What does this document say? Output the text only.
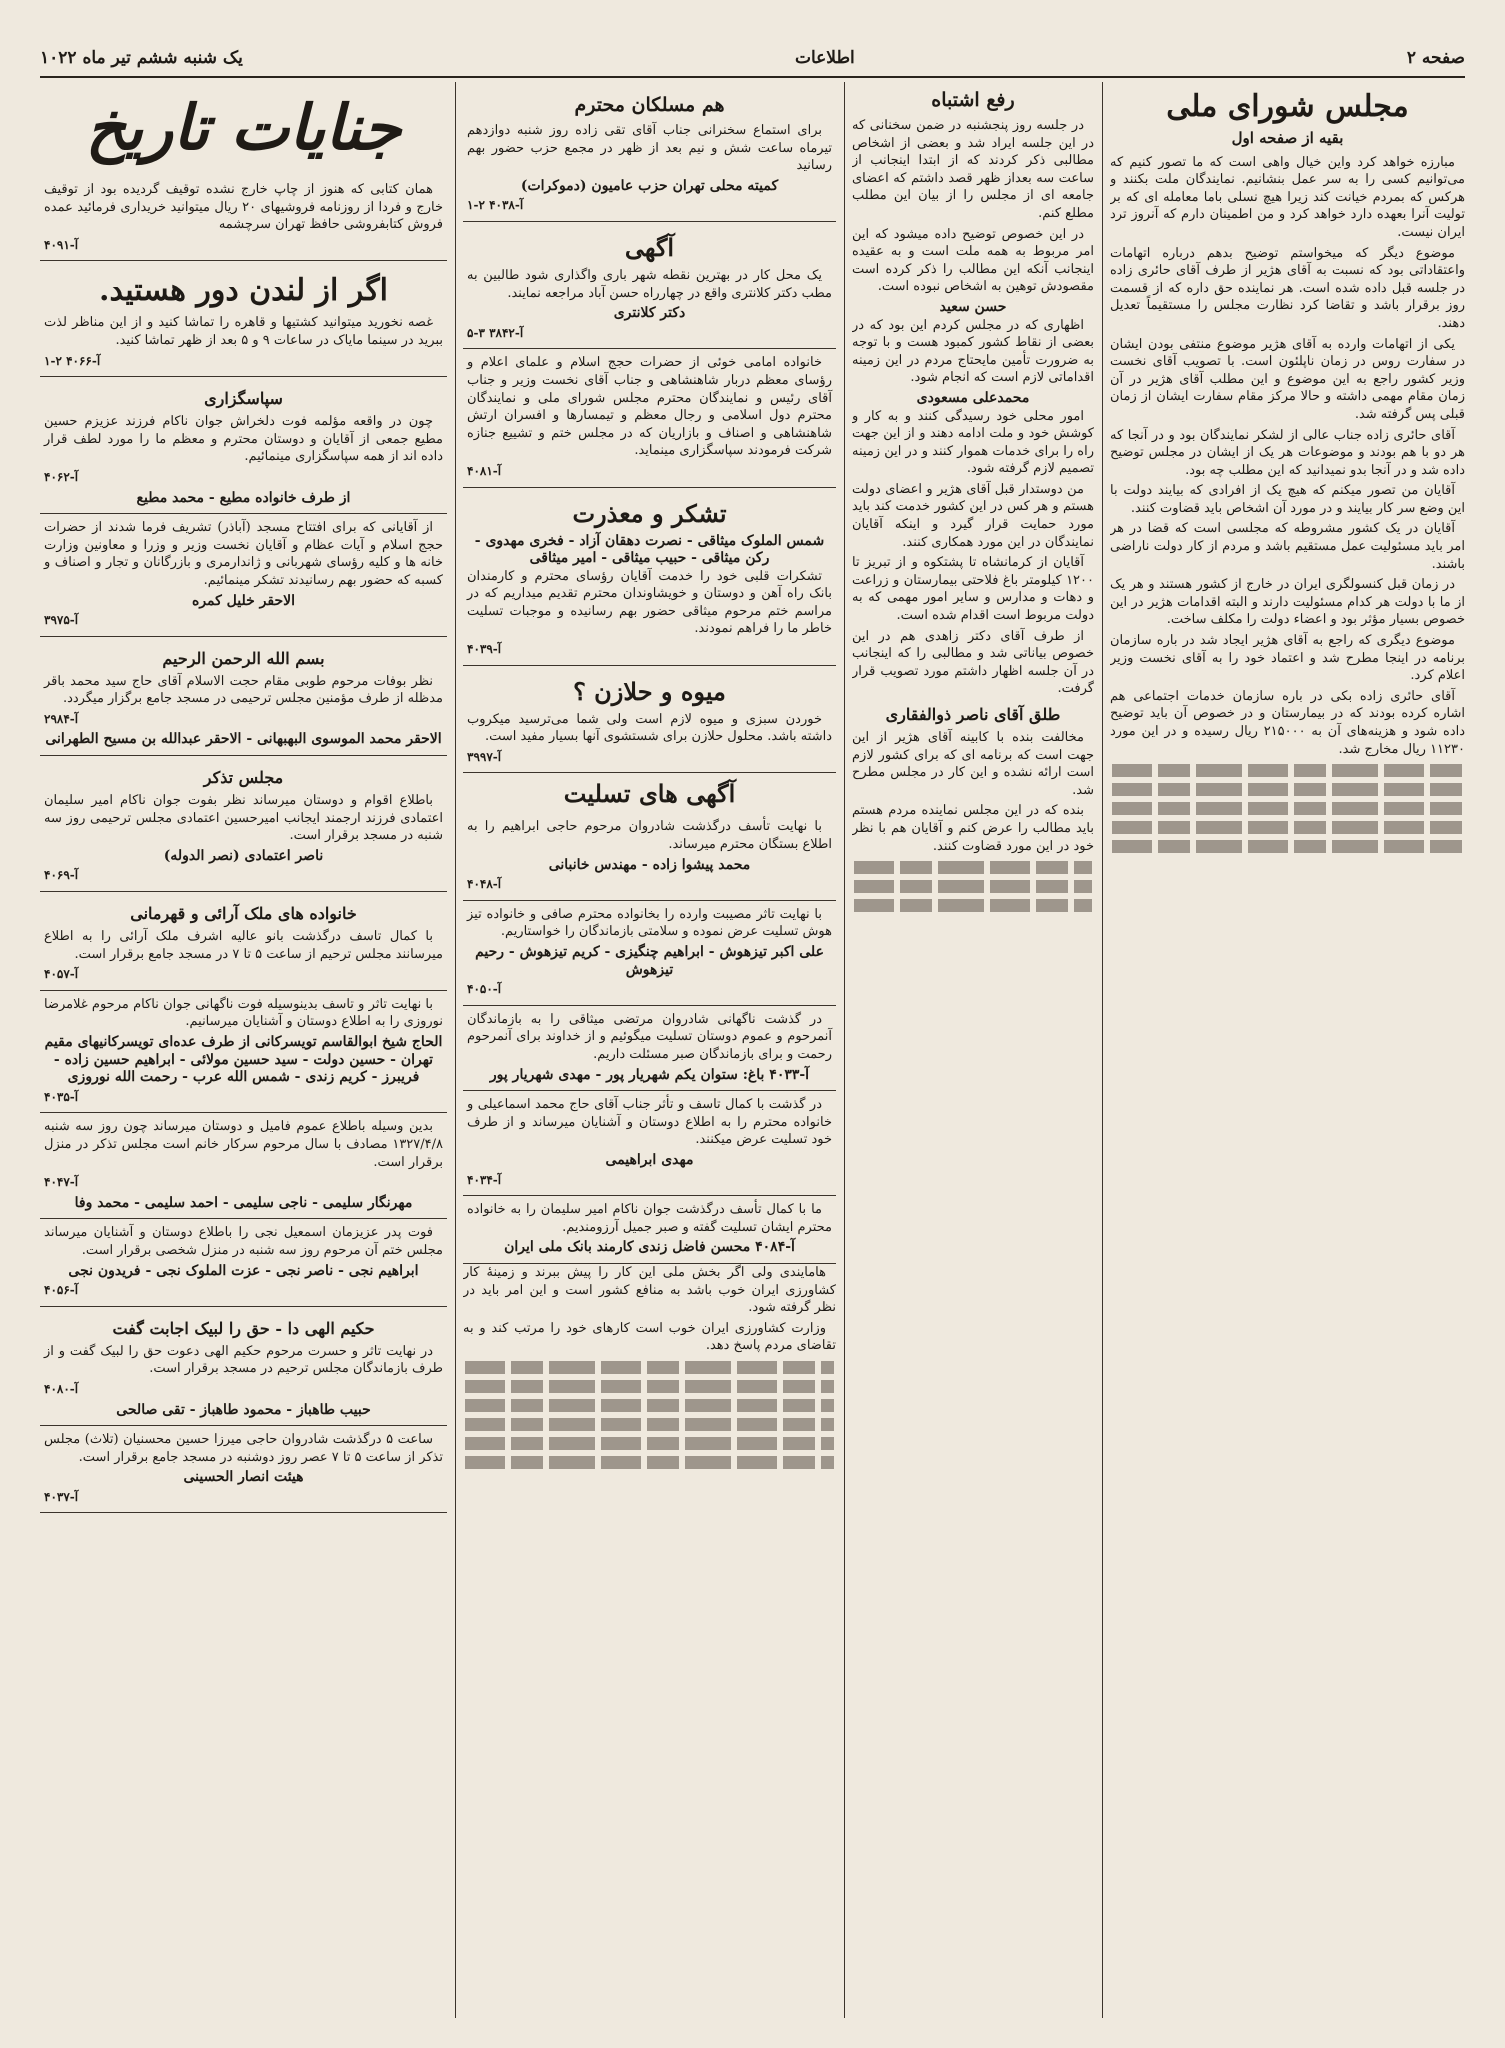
یک شنبه ششم تیر ماه ۱۰۲۲	اطلاعات	صفحه ۲
مجلس شورای ملی
بقیه از صفحه اول

مبارزه خواهد کرد واین خیال واهی است که ما تصور کنیم که می‌توانیم کسی را به ‌سر عمل بنشانیم. نمایندگان ملت بکنند و هرکس که بمردم خیانت کند زیرا هیچ‌ نسلی باما معامله ای که بر تولیت آنرا بعهده دارد خواهد کرد و من اطمینان دارم که آنروز ترد ایران نیست.

موضوع دیگر که میخواستم توضیح بدهم درباره اتهامات واعتقاداتی بود که نسبت به آقای هژیر از طرف آقای حائری زاده در جلسه قبل داده شده است. هر نماینده حق داره که از قسمت روز برقرار باشد و تقاضا کرد نظارت مجلس را مستقیماً تعدیل دهند.

یکی از اتهامات وارده به آقای هژیر موضوع منتفی بودن ایشان در سفارت روس در زمان ناپلئون است. با تصویب آقای نخست وزیر کشور راجع به این موضوع و این مطلب آقای هژیر در آن زمان مقام مهمی داشته و حالا مرکز مقام سفارت ایشان از زمان قبلی پس گرفته شد.

آقای حائری زاده جناب عالی از لشکر نمایندگان بود و در آنجا که هر دو با هم بودند و موضوعات هر یک از ایشان در مجلس توضیح داده شد و در آنجا بدو نمیدانید که این مطلب چه بود.

آقایان من تصور میکنم که هیچ یک از افرادی که بیایند دولت با این وضع سر کار بیایند و در مورد آن اشخاص باید قضاوت کنند.

آقایان در یک کشور مشروطه که مجلسی است که قضا در هر امر باید مسئولیت عمل مستقیم باشد و مردم از کار دولت ناراضی باشند.

در زمان قبل کنسولگری ایران در خارج از کشور هستند و هر یک از ما با دولت هر کدام مسئولیت دارند و البته اقدامات هژیر در این خصوص بسیار مؤثر بود و اعضاء دولت را مکلف ساخت.

موضوع دیگری که راجع به آقای هژیر ایجاد شد در باره سازمان برنامه در اینجا مطرح شد و اعتماد خود را به آقای نخست وزیر اعلام کرد.

آقای حائری زاده بکی در باره سازمان خدمات اجتماعی هم اشاره کرده بودند که در بیمارستان و در خصوص آن باید توضیح داده شود و هزینه‌های آن به ۲۱۵۰۰۰ ریال رسیده و در این مورد ۱۱۲۳۰ ریال مخارج شد.

رفع اشتباه

در جلسه روز پنجشنبه در ضمن سخنانی که در این جلسه ایراد شد و بعضی از اشخاص مطالبی ذکر کردند که از ابتدا اینجانب از ساعت سه بعداز ظهر قصد داشتم که اعضای جامعه ای از مجلس را از بیان این مطلب مطلع کنم.

در این خصوص توضیح داده میشود که این امر مربوط به همه ملت است و به عقیده اینجانب آنکه این مطالب را ذکر کرده است مقصودش توهین به اشخاص نبوده است.

حسن سعید

اظهاری که در مجلس کردم این بود که در بعضی از نقاط کشور کمبود هست و با توجه به ضرورت تأمین مایحتاج مردم در این زمینه اقداماتی لازم است که انجام شود.

محمدعلی مسعودی

امور محلی خود رسیدگی کنند و به کار و کوشش خود و ملت ادامه دهند و از این جهت راه را برای خدمات هموار کنند و در این زمینه تصمیم لازم گرفته شود.

من دوستدار قبل آقای هژیر و اعضای دولت هستم و هر کس در این کشور خدمت کند باید مورد حمایت قرار گیرد و اینکه آقایان نمایندگان در این مورد همکاری کنند.

آقایان از کرمانشاه تا پشتکوه و از تبریز تا ۱۲۰۰ کیلومتر باغ فلاحتی بیمارستان و زراعت و دهات و مدارس و سایر امور مهمی که به دولت مربوط است اقدام شده است.

از طرف آقای دکتر زاهدی هم در این خصوص بیاناتی شد و مطالبی را که اینجانب در آن جلسه اظهار داشتم مورد تصویب قرار گرفت.

طلق آقای ناصر ذوالفقاری

مخالفت بنده با کابینه آقای هژیر از این جهت است که برنامه ای که برای کشور لازم است ارائه نشده و این کار در مجلس مطرح شد.

بنده که در این مجلس نماینده مردم هستم باید مطالب را عرض کنم و آقایان هم با نظر خود در این مورد قضاوت کنند.

هم مسلکان محترم

برای استماع سخنرانی جناب آقای تقی زاده روز شنبه دوازدهم تیرماه ساعت شش و نیم بعد از ظهر در مجمع حزب حضور بهم رسانید

کمیته محلی تهران حزب عامیون (دموکرات)
آ-۴۰۳۸ ۲-۱
آگهی

یک محل کار در بهترین نقطه شهر باری واگذاری شود طالبین به مطب دکتر کلانتری واقع در چهارراه حسن آباد مراجعه نمایند.

دکتر کلانتری
آ-۳۸۴۲ ۳-۵

خانواده امامی خوئی از حضرات حجج اسلام و علمای اعلام و رؤسای معظم دربار شاهنشاهی و جناب آقای نخست وزیر و جناب آقای رئیس و نمایندگان محترم مجلس شورای ملی و نمایندگان محترم دول اسلامی و رجال معظم و تیمسارها و افسران ارتش شاهنشاهی و اصناف و بازاریان که در مجلس ختم و تشییع جنازه شرکت فرمودند سپاسگزاری مینماید.

آ-۴۰۸۱
تشکر و معذرت
شمس الملوک میثاقی - نصرت دهقان آزاد - فخری مهدوی - رکن میثاقی - حبیب میثاقی - امیر میثاقی

تشکرات قلبی خود را خدمت آقایان رؤسای محترم و کارمندان بانک راه آهن و دوستان و خویشاوندان محترم تقدیم میداریم که در مراسم ختم مرحوم میثاقی حضور بهم رسانیده و موجبات تسلیت خاطر ما را فراهم نمودند.

آ-۴۰۳۹
میوه و حلازن ؟

خوردن سبزی و میوه لازم است ولی شما می‌ترسید میکروب داشته باشد. محلول حلازن برای شستشوی آنها بسیار مفید است.

آ-۳۹۹۷
آگهی های تسلیت

با نهایت تأسف درگذشت شادروان مرحوم حاجی ابراهیم را به اطلاع بستگان محترم میرساند.

محمد پیشوا زاده - مهندس خانبانی
آ-۴۰۴۸

با نهایت تاثر مصیبت وارده را بخانواده محترم صافی و خانواده تیز هوش تسلیت عرض نموده و سلامتی بازماندگان را خواستاریم.

علی اکبر تیزهوش - ابراهیم چنگیزی - کریم تیزهوش - رحیم تیزهوش
آ-۴۰۵۰

در گذشت ناگهانی شادروان مرتضی میثاقی را به بازماندگان آنمرحوم و عموم دوستان تسلیت میگوئیم و از خداوند برای آنمرحوم رحمت و برای بازماندگان صبر مسئلت داریم.

آ-۴۰۳۳ باغ: ستوان یکم شهریار پور - مهدی شهریار پور

در گذشت با کمال تاسف و تأثر جناب آقای حاج محمد اسماعیلی و خانواده محترم را به اطلاع دوستان و آشنایان میرساند و از طرف خود تسلیت عرض میکنند.

مهدی ابراهیمی
آ-۴۰۳۴

ما با کمال تأسف درگذشت جوان ناکام امیر سلیمان را به خانواده محترم ایشان تسلیت گفته و صبر جمیل آرزومندیم.

آ-۴۰۸۴ محسن فاضل زندی کارمند بانک ملی ایران

هامایندی ولی اگر بخش ملی این کار را پیش ببرند و زمینهٔ کار کشاورزی ایران خوب باشد به منافع کشور است و این امر باید در نظر گرفته شود.

وزارت کشاورزی ایران خوب است کارهای خود را مرتب کند و به تقاضای مردم پاسخ دهد.

جنایات تاریخ

همان کتابی که هنوز از چاپ خارج نشده توقیف گردیده بود از توقیف خارج و فردا از روزنامه فروشیهای ۲۰ ریال میتوانید خریداری فرمائید عمده فروش کتابفروشی حافظ تهران سرچشمه

آ-۴۰۹۱
اگر از لندن دور هستید.

غصه نخورید میتوانید کشتیها و قاهره را تماشا کنید و از این مناظر لذت ببرید در سینما مایاک در ساعات ۹ و ۵ بعد از ظهر تماشا کنید.

آ-۴۰۶۶ ۲-۱
سپاسگزاری

چون در واقعه مؤلمه فوت دلخراش جوان ناکام فرزند عزیزم حسین مطیع جمعی از آقایان و دوستان محترم و معظم ما را مورد لطف قرار داده اند از همه سپاسگزاری مینمائیم.

آ-۴۰۶۲
از طرف خانواده مطیع - محمد مطیع

از آقایانی که برای افتتاح مسجد (آباذر) تشریف فرما شدند از حضرات حجج اسلام و آیات عظام و آقایان نخست وزیر و وزرا و معاونین وزارت خانه ها و کلیه رؤسای شهربانی و ژاندارمری و بازرگانان و تجار و اصناف و کسبه که حضور بهم رسانیدند تشکر مینمائیم.

الاحقر خلیل کمره
آ-۳۹۷۵
بسم الله الرحمن الرحیم

نظر بوفات مرحوم طوبی مقام حجت الاسلام آقای حاج سید محمد باقر مدظله از طرف مؤمنین مجلس ترحیمی در مسجد جامع برگزار میگردد.

آ-۲۹۸۴
الاحقر محمد الموسوی البهبهانی - الاحقر عبدالله بن مسیح الطهرانی
مجلس تذکر

باطلاع اقوام و دوستان میرساند نظر بفوت جوان ناکام امیر سلیمان اعتمادی فرزند ارجمند ایجانب امیرحسین اعتمادی مجلس ترحیمی روز سه شنبه در مسجد برقرار است.

ناصر اعتمادی (نصر الدوله)
آ-۴۰۶۹
خانواده های ملک آرائی و قهرمانی

با کمال تاسف درگذشت بانو عالیه اشرف ملک آرائی را به اطلاع میرسانند مجلس ترحیم از ساعت ۵ تا ۷ در مسجد جامع برقرار است.

آ-۴۰۵۷

با نهایت تاثر و تاسف بدینوسیله فوت ناگهانی جوان ناکام مرحوم غلامرضا نوروزی را به اطلاع دوستان و آشنایان میرسانیم.

الحاج شیخ ابوالقاسم تویسرکانی از طرف عده‌ای تویسرکانیهای مقیم تهران - حسین دولت - سید حسین مولائی - ابراهیم حسین زاده - فریبرز - کریم زندی - شمس الله عرب - رحمت الله نوروزی
آ-۴۰۳۵

بدین وسیله باطلاع عموم فامیل و دوستان میرساند چون روز سه شنبه ۱۳۲۷/۴/۸ مصادف با سال مرحوم سرکار خانم است مجلس تذکر در منزل برقرار است.

آ-۴۰۴۷
مهرنگار سلیمی - ناجی سلیمی - احمد سلیمی - محمد وفا

فوت پدر عزیزمان اسمعیل نجی را باطلاع دوستان و آشنایان میرساند مجلس ختم آن مرحوم روز سه شنبه در منزل شخصی برقرار است.

ابراهیم نجی - ناصر نجی - عزت الملوک نجی - فریدون نجی
آ-۴۰۵۶
حکیم الهی دا - حق را لبیک اجابت گفت

در نهایت تاثر و حسرت مرحوم حکیم الهی دعوت حق را لبیک گفت و از طرف بازماندگان مجلس ترحیم در مسجد برقرار است.

آ-۴۰۸۰
حبیب طاهباز - محمود طاهباز - تقی صالحی

ساعت ۵ درگذشت شادروان حاجی میرزا حسین محسنیان (تلاث) مجلس تذکر از ساعت ۵ تا ۷ عصر روز دوشنبه در مسجد جامع برقرار است.

هیئت انصار الحسینی
آ-۴۰۳۷
